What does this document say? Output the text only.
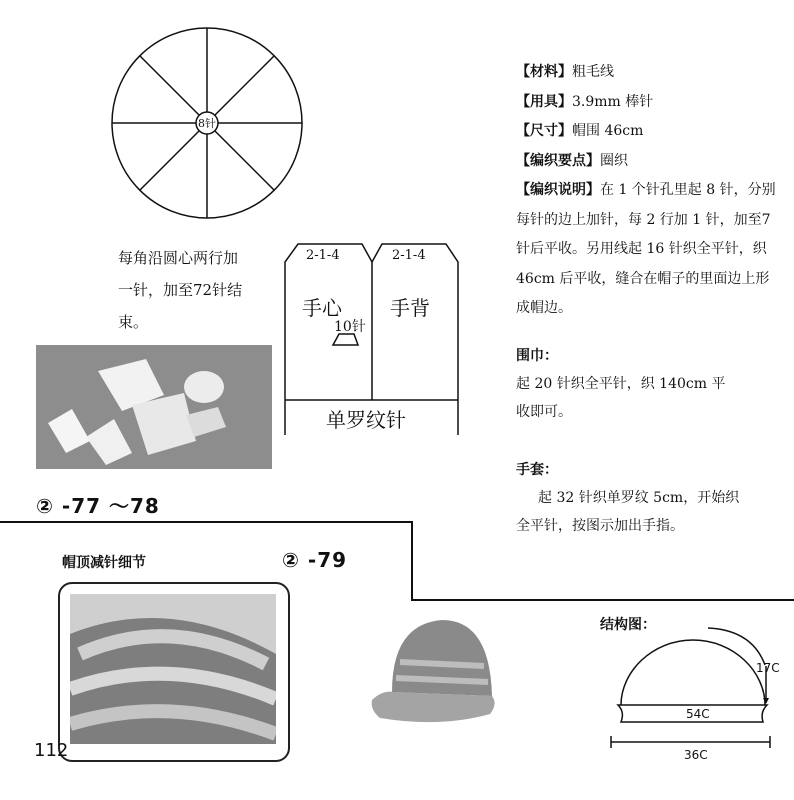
8针
每角沿圆心两行加
一针，加至72针结
束。
2-1-4	2-1-4
手心 手背
10针
单罗纹针
② -77 ～78
帽顶减针细节	② -79
【材料】粗毛线
【用具】3.9mm 棒针
【尺寸】帽围 46cm
【编织要点】圈织
【编织说明】在 1 个针孔里起 8 针，分别
每针的边上加针，每 2 行加 1 针，加至7
针后平收。另用线起 16 针织全平针，织
46cm 后平收，缝合在帽子的里面边上形
成帽边。
围巾：
起 20 针织全平针，织 140cm 平
收即可。
手套：
起 32 针织单罗纹 5cm，开始织
全平针，按图示加出手指。
结构图：
17C
54C
36C
112
